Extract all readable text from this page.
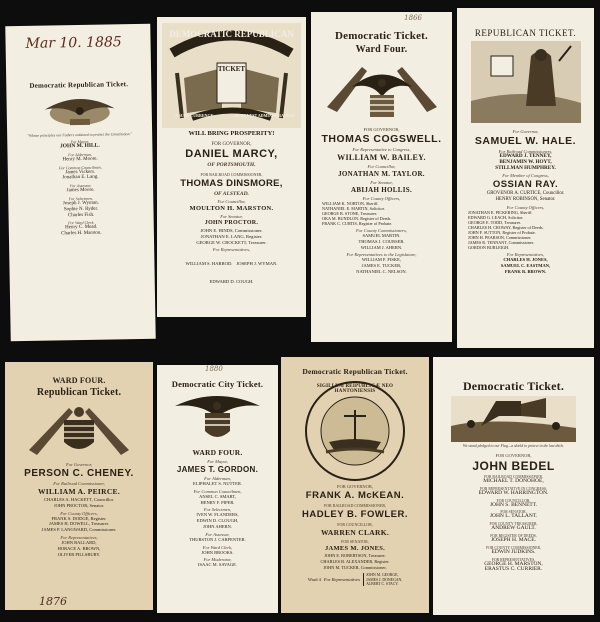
Mar 10. 1885
Democratic Republican Ticket.
"Whose principles our Fathers ordained to protect the Constitution."
For Mayor,
JOHN M. HILL.
For Alderman,
Henry M. Moore.
For Common Councilmen,
James Vickers.
Jonathan E. Lang.
For Assessor,
James Moore.
For Selectmen,
Joseph J. Wyman.
Sophie N. Ryder.
Charles Fish.
For Ward Clerk,
Henry C. Mead.
Charles H. Marston.
DEMOCRATIC REPUBLICAN
TICKET
A SURE CURRENCY	AN HONEST ADMINISTRATION
WILL BRING PROSPERITY!
FOR GOVERNOR,
DANIEL MARCY,
OF PORTSMOUTH.
FOR RAILROAD COMMISSIONER,
THOMAS DINSMORE,
OF ALSTEAD.
For Councillor,
MOULTON H. MARSTON.
For Senator,
JOHN PROCTOR.
JOHN E. HINDS, Commissioner.
JONATHAN E. LANG, Register.
GEORGE W. CROCKETT, Treasurer.
For Representatives,
WILLIAM S. HARROD. JOSEPH J. WYMAN.EDWARD D. COUGH.
1866
Democratic Ticket.
Ward Four.
FOR GOVERNOR,
THOMAS COGSWELL.
For Representative to Congress,
WILLIAM W. BAILEY.
For Councillor,
JONATHAN M. TAYLOR.
For Senator,
ABIJAH HOLLIS.
For County Officers,
WILLIAM K. NORTON, Sheriff.
NATHANIEL E. MARTIN, Solicitor.
GEORGE B. STONE, Treasurer.
OKA M. BUNDLON, Register of Deeds.
FRANK C. CURTIS, Register of Probate.
For County Commissioners,
SAMUEL MARTIN.
THOMAS J. COURSER.
WILLIAM J. AHERN.
For Representatives to the Legislature,
WILLIAM F. FISKE,
JAMES E. TUCKER,
NATHANIEL C. NELSON.
REPUBLICAN TICKET.
For Governor,
SAMUEL W. HALE.
For Railroad Commissioners,
EDWARD J. TENNEY,
BENJAMIN W. HOYT,
STILLMAN HUMPHREY.
For Member of Congress,
OSSIAN RAY.
GROVENOR A. CURTICE, Councillor.
HENRY ROBINSON, Senator.
For County Officers,
JONATHAN E. PICKERING, Sheriff.
EDWARD G. LEACH, Solicitor.
GEORGE E. TODD, Treasurer.
CHARLES H. CROWAY, Register of Deeds.
JOHN F. SUTTON, Register of Probate.
JOHN H. PEARSON, Commissioner.
JAMES R. TENNANT, Commissioner.
GORDON BURLEIGH.
For Representatives,
CHARLES H. JONES,
SAMUEL C. EASTMAN,
FRANK R. BROWN.
WARD FOUR.
Republican Ticket.
For Governor,
PERSON C. CHENEY.
For Railroad Commissioner,
WILLIAM A. PEIRCE.
CHARLES A. HACKETT, Councillor.
JOHN PROCTOR, Senator.
For County Officers,
FRANK S. DODGE, Register.
JAMES H. DOWELL, Treasurer.
JAMES P. LANGWARD, Commissioner.
For Representatives,
JOHN BALLARD,
HORACE A. BROWN,
OLIVER PILLSBURY.
1876
1880
Democratic City Ticket.
WARD FOUR.
For Mayor,
JAMES T. GORDON.
For Alderman,
ELIPHALET S. NUTTER.
For Common Councilmen,
ANSEL C. SMART,
HENRY F. PIPER.
For Selectmen,
IVEN W. FLANDERS,
EDWIN D. CLOUGH,
JOHN AHERN.
For Assessor,
THURSTON J. CARPENTER.
For Ward Clerk,
JOHN BROOKS.
For Moderator,
ISAAC M. SAVAGE.
Democratic Republican Ticket.
SIGILLUM REIPUBLICÆ NEO HANTONIENSIS
FOR GOVERNOR,
FRANK A. McKEAN.
FOR RAILROAD COMMISSIONER,
HADLEY B. FOWLER.
FOR COUNCILLOR,
WARREN CLARK.
FOR SENATOR,
JAMES M. JONES.
JOHN E. ROBERTSON, Treasurer.
CHARLES B. ALEXANDER, Register.
JOHN M. TUCKER, Commissioner.
Ward 4 For Representatives
JOHN M. GEORGE,
JAMES J. DONEGAN,
ALBERT C. STACY.
Democratic Ticket.
We stand pledged to our Flag—a shield to protect in the last ditch.
FOR GOVERNOR,
JOHN BEDEL
FOR RAILROAD COMMISSIONER,
MICHAEL T. DONOHOE,
FOR REPRESENTATIVE IN CONGRESS,
EDWARD W. HARRINGTON.
FOR COUNCILLOR,
JOHN S. BENNETT.
FOR SENATOR,
JOHN L. TALLANT.
FOR COUNTY TREASURER,
ANDREW GAULT.
FOR REGISTER OF DEEDS,
JOSEPH H. MACE.
FOR COUNTY COMMISSIONER,
EDWIN JUDKINS.
FOR REPRESENTATIVES,
GEORGE H. MARSTON,
ERASTUS C. CURRIER.
